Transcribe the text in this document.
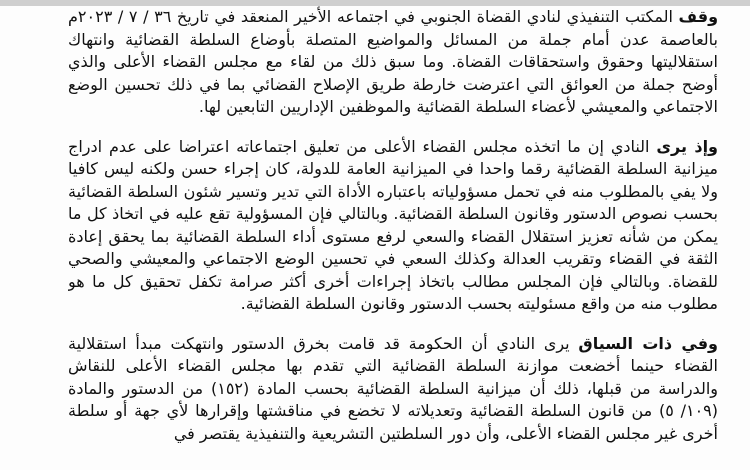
وقف المكتب التنفيذي لنادي القضاة الجنوبي في اجتماعه الأخير المنعقد في تاريخ ٣٦ / ٧ / ٢٠٢٣م بالعاصمة عدن أمام جملة من المسائل والمواضيع المتصلة بأوضاع السلطة القضائية وانتهاك استقلاليتها وحقوق واستحقاقات القضاة. وما سبق ذلك من لقاء مع مجلس القضاء الأعلى والذي أوضح جملة من العوائق التي اعترضت خارطة طريق الإصلاح القضائي بما في ذلك تحسين الوضع الاجتماعي والمعيشي لأعضاء السلطة القضائية والموظفين الإداريين التابعين لها.

وإذ يرى النادي إن ما اتخذه مجلس القضاء الأعلى من تعليق اجتماعاته اعتراضا على عدم ادراج ميزانية السلطة القضائية رقما واحدا في الميزانية العامة للدولة، كان إجراء حسن ولكنه ليس كافيا ولا يفي بالمطلوب منه في تحمل مسؤولياته باعتباره الأداة التي تدير وتسير شئون السلطة القضائية بحسب نصوص الدستور وقانون السلطة القضائية. وبالتالي فإن المسؤولية تقع عليه في اتخاذ كل ما يمكن من شأنه تعزيز استقلال القضاء والسعي لرفع مستوى أداء السلطة القضائية بما يحقق إعادة الثقة في القضاء وتقريب العدالة وكذلك السعي في تحسين الوضع الاجتماعي والمعيشي والصحي للقضاة. وبالتالي فإن المجلس مطالب باتخاذ إجراءات أخرى أكثر صرامة تكفل تحقيق كل ما هو مطلوب منه من واقع مسئوليته بحسب الدستور وقانون السلطة القضائية.

وفي ذات السياق يرى النادي أن الحكومة قد قامت بخرق الدستور وانتهكت مبدأ استقلالية القضاء حينما أخضعت موازنة السلطة القضائية التي تقدم بها مجلس القضاء الأعلى للنقاش والدراسة من قبلها، ذلك أن ميزانية السلطة القضائية بحسب المادة (١٥٢) من الدستور والمادة (١٠٩/ ٥) من قانون السلطة القضائية وتعديلاته لا تخضع في مناقشتها وإقرارها لأي جهة أو سلطة أخرى غير مجلس القضاء الأعلى، وأن دور السلطتين التشريعية والتنفيذية يقتصر في
